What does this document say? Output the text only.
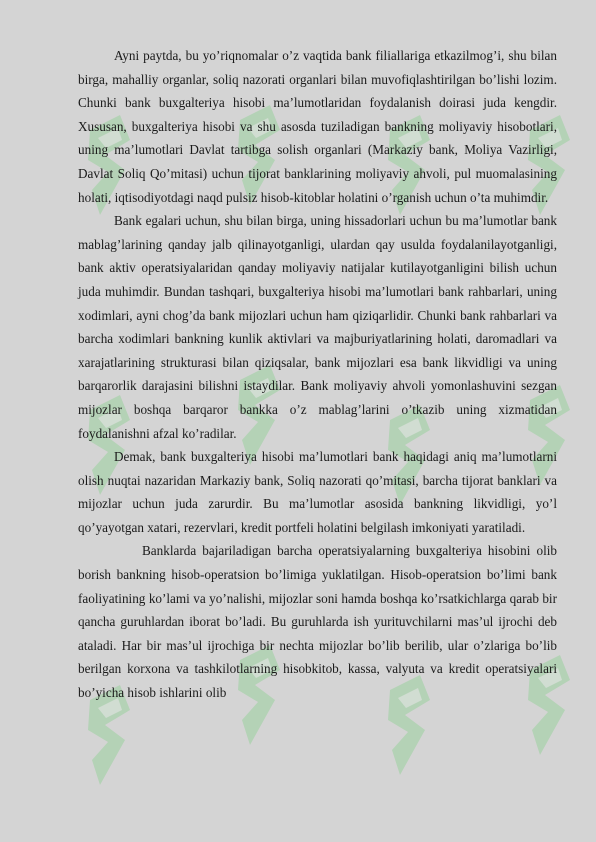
Ayni paytda, bu yo’riqnomalar o’z vaqtida bank filiallariga etkazilmog’i, shu bilan birga, mahalliy organlar, soliq nazorati organlari bilan muvofiqlashtirilgan bo’lishi lozim. Chunki bank buxgalteriya hisobi ma’lumotlaridan foydalanish doirasi juda kengdir. Xususan, buxgalteriya hisobi va shu asosda tuziladigan bankning moliyaviy hisobotlari, uning ma’lumotlari Davlat tartibga solish organlari (Markaziy bank, Moliya Vazirligi, Davlat Soliq Qo’mitasi) uchun tijorat banklarining moliyaviy ahvoli, pul muomalasining holati, iqtisodiyotdagi naqd pulsiz hisob-kitoblar holatini o’rganish uchun o’ta muhimdir.

Bank egalari uchun, shu bilan birga, uning hissadorlari uchun bu ma’lumotlar bank mablag’larining qanday jalb qilinayotganligi, ulardan qay usulda foydalanilayotganligi, bank aktiv operatsiyalaridan qanday moliyaviy natijalar kutilayotganligini bilish uchun juda muhimdir. Bundan tashqari, buxgalteriya hisobi ma’lumotlari bank rahbarlari, uning xodimlari, ayni chog’da bank mijozlari uchun ham qiziqarlidir. Chunki bank rahbarlari va barcha xodimlari bankning kunlik aktivlari va majburiyatlarining holati, daromadlari va xarajatlarining strukturasi bilan qiziqsalar, bank mijozlari esa bank likvidligi va uning barqarorlik darajasini bilishni istaydilar. Bank moliyaviy ahvoli yomonlashuvini sezgan mijozlar boshqa barqaror bankka o’z mablag’larini o’tkazib uning xizmatidan foydalanishni afzal ko’radilar.

Demak, bank buxgalteriya hisobi ma’lumotlari bank haqidagi aniq ma’lumotlarni olish nuqtai nazaridan Markaziy bank, Soliq nazorati qo’mitasi, barcha tijorat banklari va mijozlar uchun juda zarurdir. Bu ma’lumotlar asosida bankning likvidligi, yo’l qo’yayotgan xatari, rezervlari, kredit portfeli holatini belgilash imkoniyati yaratiladi.

Banklarda bajariladigan barcha operatsiyalarning buxgalteriya hisobini olib borish bankning hisob-operatsion bo’limiga yuklatilgan. Hisob-operatsion bo’limi bank faoliyatining ko’lami va yo’nalishi, mijozlar soni hamda boshqa ko’rsatkichlarga qarab bir qancha guruhlardan iborat bo’ladi. Bu guruhlarda ish yurituvchilarni mas’ul ijrochi deb ataladi. Har bir mas’ul ijrochiga bir nechta mijozlar bo’lib berilib, ular o’zlariga bo’lib berilgan korxona va tashkilotlarning hisobkitob, kassa, valyuta va kredit operatsiyalari bo’yicha hisob ishlarini olib
